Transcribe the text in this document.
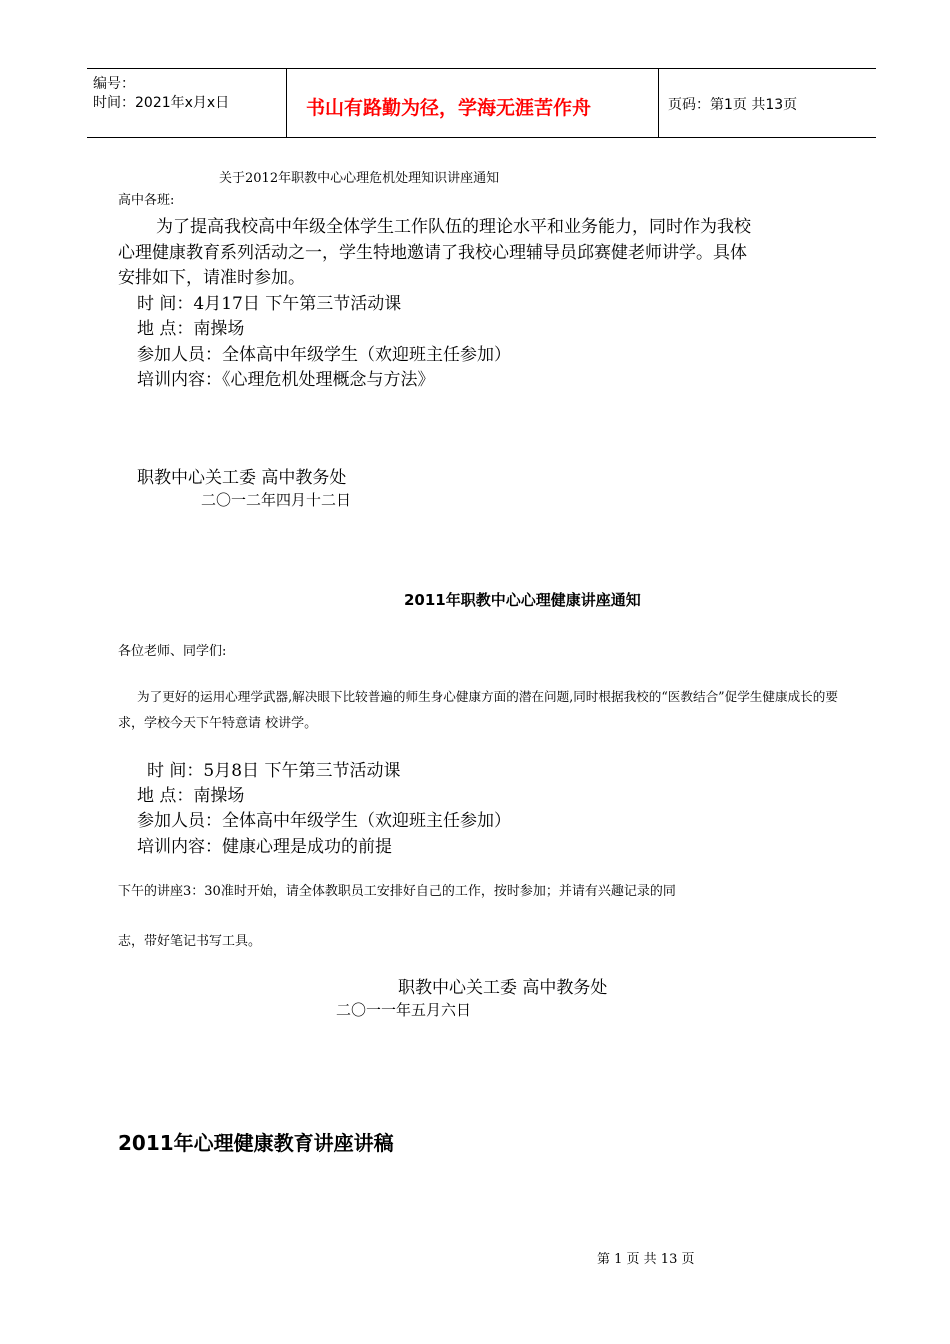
编号：
时间：2021年x月x日	书山有路勤为径，学海无涯苦作舟	页码：第1页 共13页
关于2012年职教中心心理危机处理知识讲座通知
高中各班:
为了提高我校高中年级全体学生工作队伍的理论水平和业务能力，同时作为我校
心理健康教育系列活动之一，学生特地邀请了我校心理辅导员邱赛健老师讲学。具体
安排如下，请准时参加。
时 间：4月17日 下午第三节活动课
地 点：南操场
参加人员：全体高中年级学生（欢迎班主任参加）
培训内容：《心理危机处理概念与方法》
职教中心关工委 高中教务处
二〇一二年四月十二日
2011年职教中心心理健康讲座通知
各位老师、同学们:
为了更好的运用心理学武器,解决眼下比较普遍的师生身心健康方面的潜在问题,同时根据我校的“医教结合”促学生健康成长的要
求，学校今天下午特意请 校讲学。
时 间：5月8日 下午第三节活动课
地 点：南操场
参加人员：全体高中年级学生（欢迎班主任参加）
培训内容：健康心理是成功的前提
下午的讲座3：30准时开始，请全体教职员工安排好自己的工作，按时参加；并请有兴趣记录的同
志，带好笔记书写工具。
职教中心关工委 高中教务处
二〇一一年五月六日
2011年心理健康教育讲座讲稿
第 1 页 共 13 页
